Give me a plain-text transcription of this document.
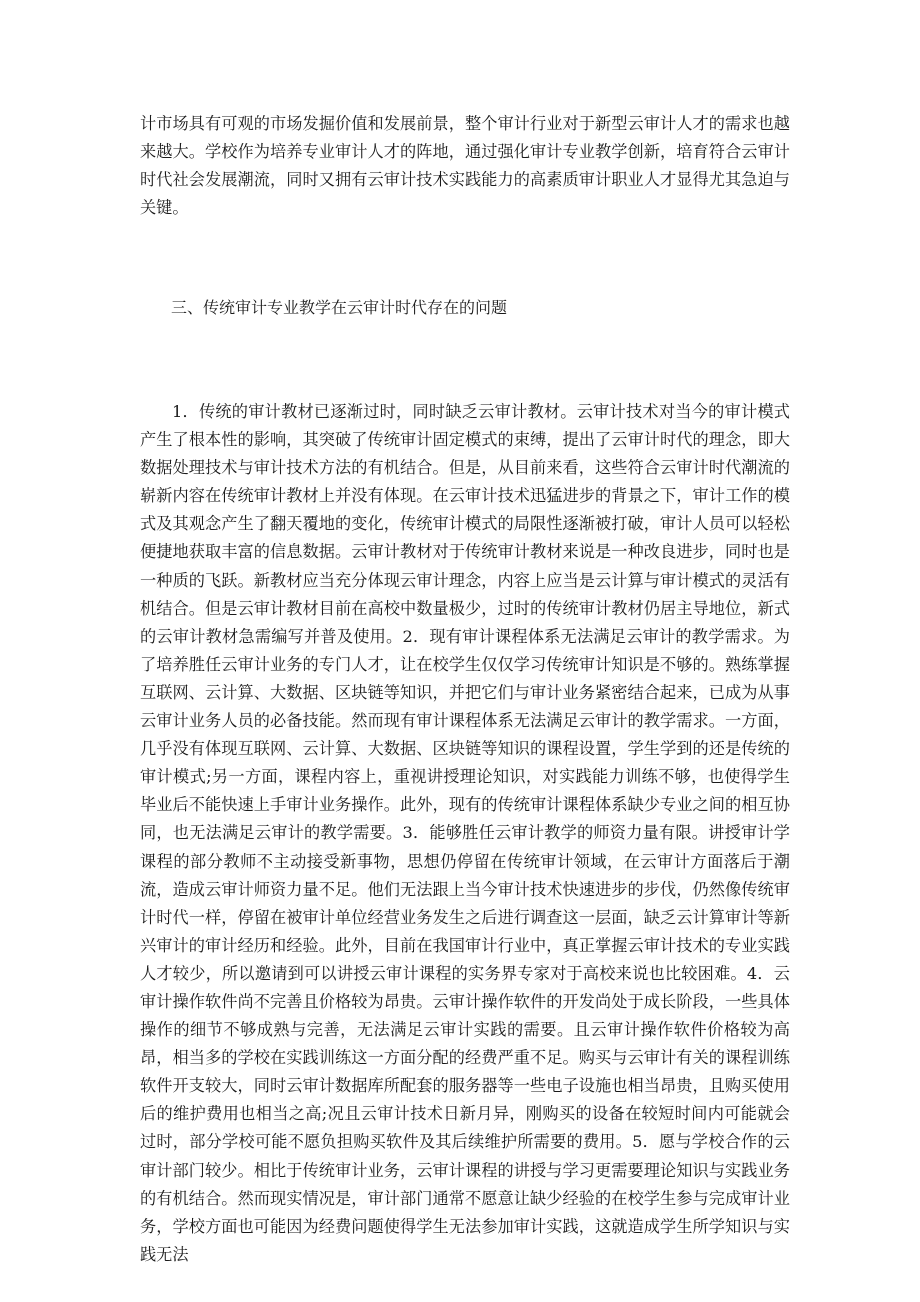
计市场具有可观的市场发掘价值和发展前景，整个审计行业对于新型云审计人才的需求也越来越大。学校作为培养专业审计人才的阵地，通过强化审计专业教学创新，培育符合云审计时代社会发展潮流，同时又拥有云审计技术实践能力的高素质审计职业人才显得尤其急迫与关键。

三、传统审计专业教学在云审计时代存在的问题

1．传统的审计教材已逐渐过时，同时缺乏云审计教材。云审计技术对当今的审计模式产生了根本性的影响，其突破了传统审计固定模式的束缚，提出了云审计时代的理念，即大数据处理技术与审计技术方法的有机结合。但是，从目前来看，这些符合云审计时代潮流的崭新内容在传统审计教材上并没有体现。在云审计技术迅猛进步的背景之下，审计工作的模式及其观念产生了翻天覆地的变化，传统审计模式的局限性逐渐被打破，审计人员可以轻松便捷地获取丰富的信息数据。云审计教材对于传统审计教材来说是一种改良进步，同时也是一种质的飞跃。新教材应当充分体现云审计理念，内容上应当是云计算与审计模式的灵活有机结合。但是云审计教材目前在高校中数量极少，过时的传统审计教材仍居主导地位，新式的云审计教材急需编写并普及使用。2．现有审计课程体系无法满足云审计的教学需求。为了培养胜任云审计业务的专门人才，让在校学生仅仅学习传统审计知识是不够的。熟练掌握互联网、云计算、大数据、区块链等知识，并把它们与审计业务紧密结合起来，已成为从事云审计业务人员的必备技能。然而现有审计课程体系无法满足云审计的教学需求。一方面，几乎没有体现互联网、云计算、大数据、区块链等知识的课程设置，学生学到的还是传统的审计模式;另一方面，课程内容上，重视讲授理论知识，对实践能力训练不够，也使得学生毕业后不能快速上手审计业务操作。此外，现有的传统审计课程体系缺少专业之间的相互协同，也无法满足云审计的教学需要。3．能够胜任云审计教学的师资力量有限。讲授审计学课程的部分教师不主动接受新事物，思想仍停留在传统审计领域，在云审计方面落后于潮流，造成云审计师资力量不足。他们无法跟上当今审计技术快速进步的步伐，仍然像传统审计时代一样，停留在被审计单位经营业务发生之后进行调查这一层面，缺乏云计算审计等新兴审计的审计经历和经验。此外，目前在我国审计行业中，真正掌握云审计技术的专业实践人才较少，所以邀请到可以讲授云审计课程的实务界专家对于高校来说也比较困难。4．云审计操作软件尚不完善且价格较为昂贵。云审计操作软件的开发尚处于成长阶段，一些具体操作的细节不够成熟与完善，无法满足云审计实践的需要。且云审计操作软件价格较为高昂，相当多的学校在实践训练这一方面分配的经费严重不足。购买与云审计有关的课程训练软件开支较大，同时云审计数据库所配套的服务器等一些电子设施也相当昂贵，且购买使用后的维护费用也相当之高;况且云审计技术日新月异，刚购买的设备在较短时间内可能就会过时，部分学校可能不愿负担购买软件及其后续维护所需要的费用。5．愿与学校合作的云审计部门较少。相比于传统审计业务，云审计课程的讲授与学习更需要理论知识与实践业务的有机结合。然而现实情况是，审计部门通常不愿意让缺少经验的在校学生参与完成审计业务，学校方面也可能因为经费问题使得学生无法参加审计实践，这就造成学生所学知识与实践无法
